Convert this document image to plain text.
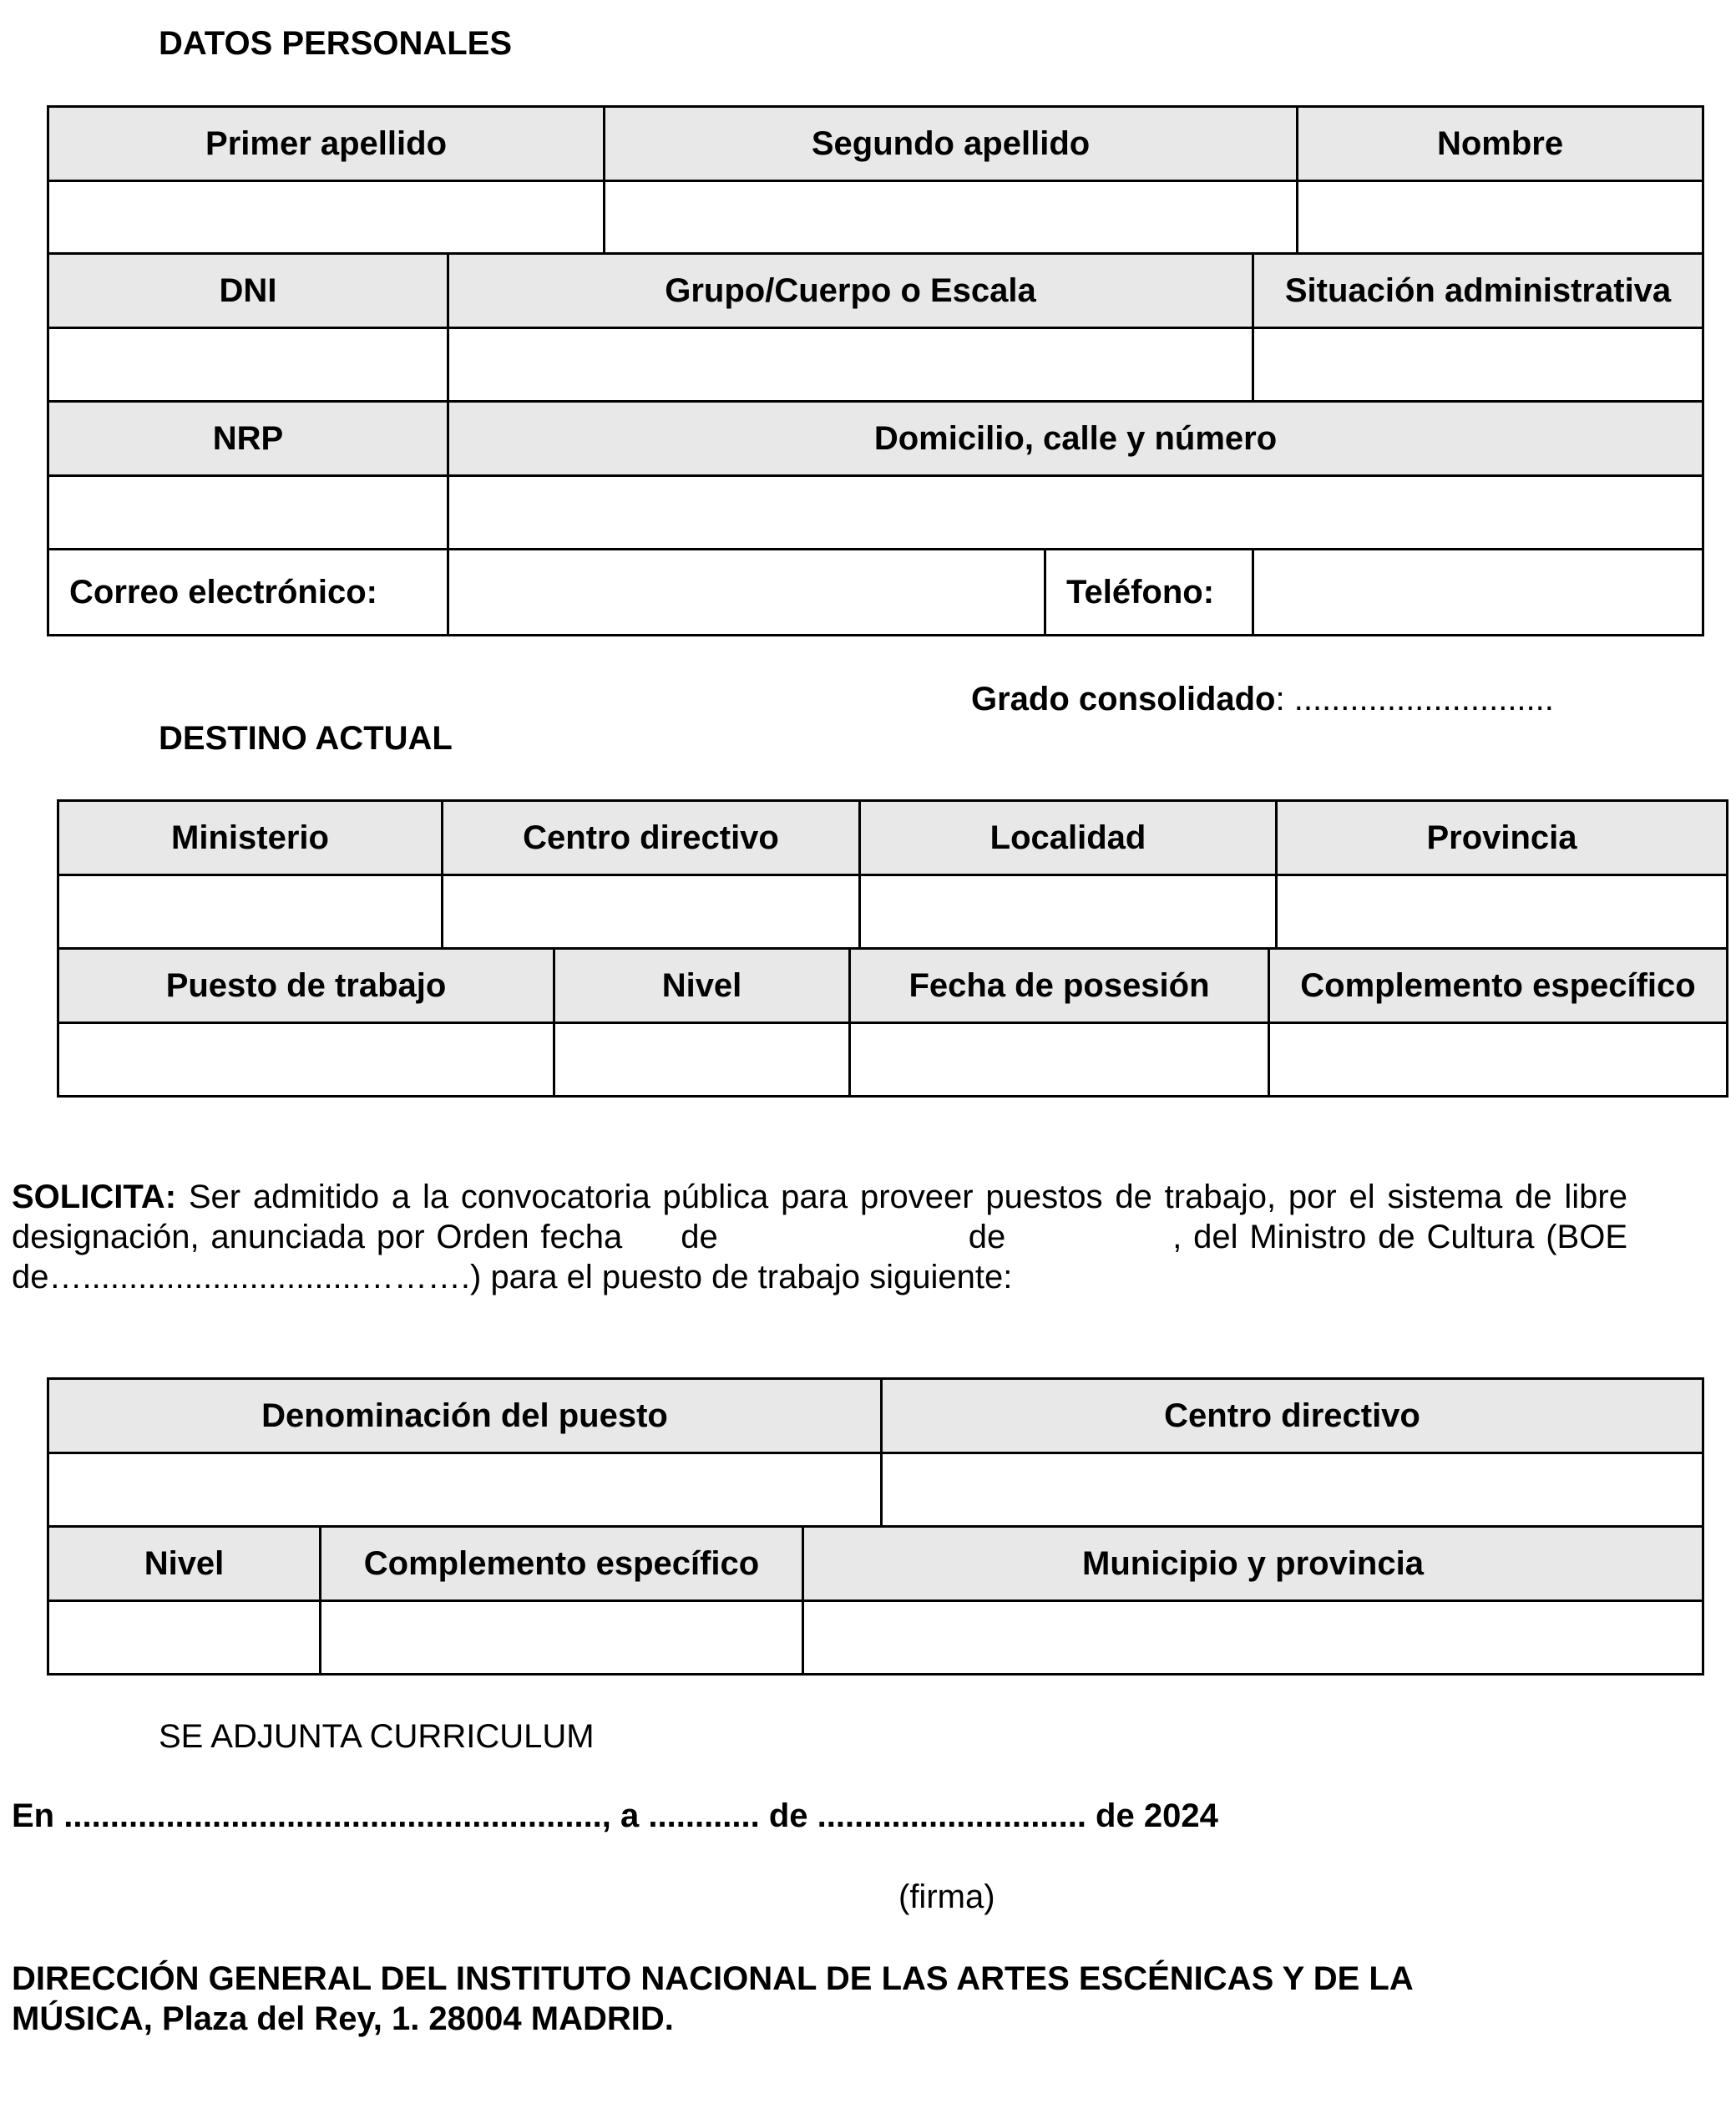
DATOS PERSONALES
Primer apellido	Segundo apellido	Nombre

DNI	Grupo/Cuerpo o Escala		Situación administrativa

NRP	Domicilio, calle y número		

Correo electrónico:		Teléfono:	
Grado consolidado: ............................
DESTINO ACTUAL
Ministerio	Centro directivo	Localidad	Provincia

Puesto de trabajo	Nivel	Fecha de posesión	Complemento específico

SOLICITA: Ser admitido a la convocatoria pública para proveer puestos de trabajo, por el sistema de libre designación, anunciada por Orden fecha de	de	, del Ministro de Cultura (BOE de…..............................……….) para el puesto de trabajo siguiente:
Denominación del puesto	Centro directivo

Nivel	Complemento específico	Municipio y provincia

SE ADJUNTA CURRICULUM
En .........................................................., a ............ de ............................. de 2024
(firma)
DIRECCIÓN GENERAL DEL INSTITUTO NACIONAL DE LAS ARTES ESCÉNICAS Y DE LA
MÚSICA, Plaza del Rey, 1. 28004 MADRID.
